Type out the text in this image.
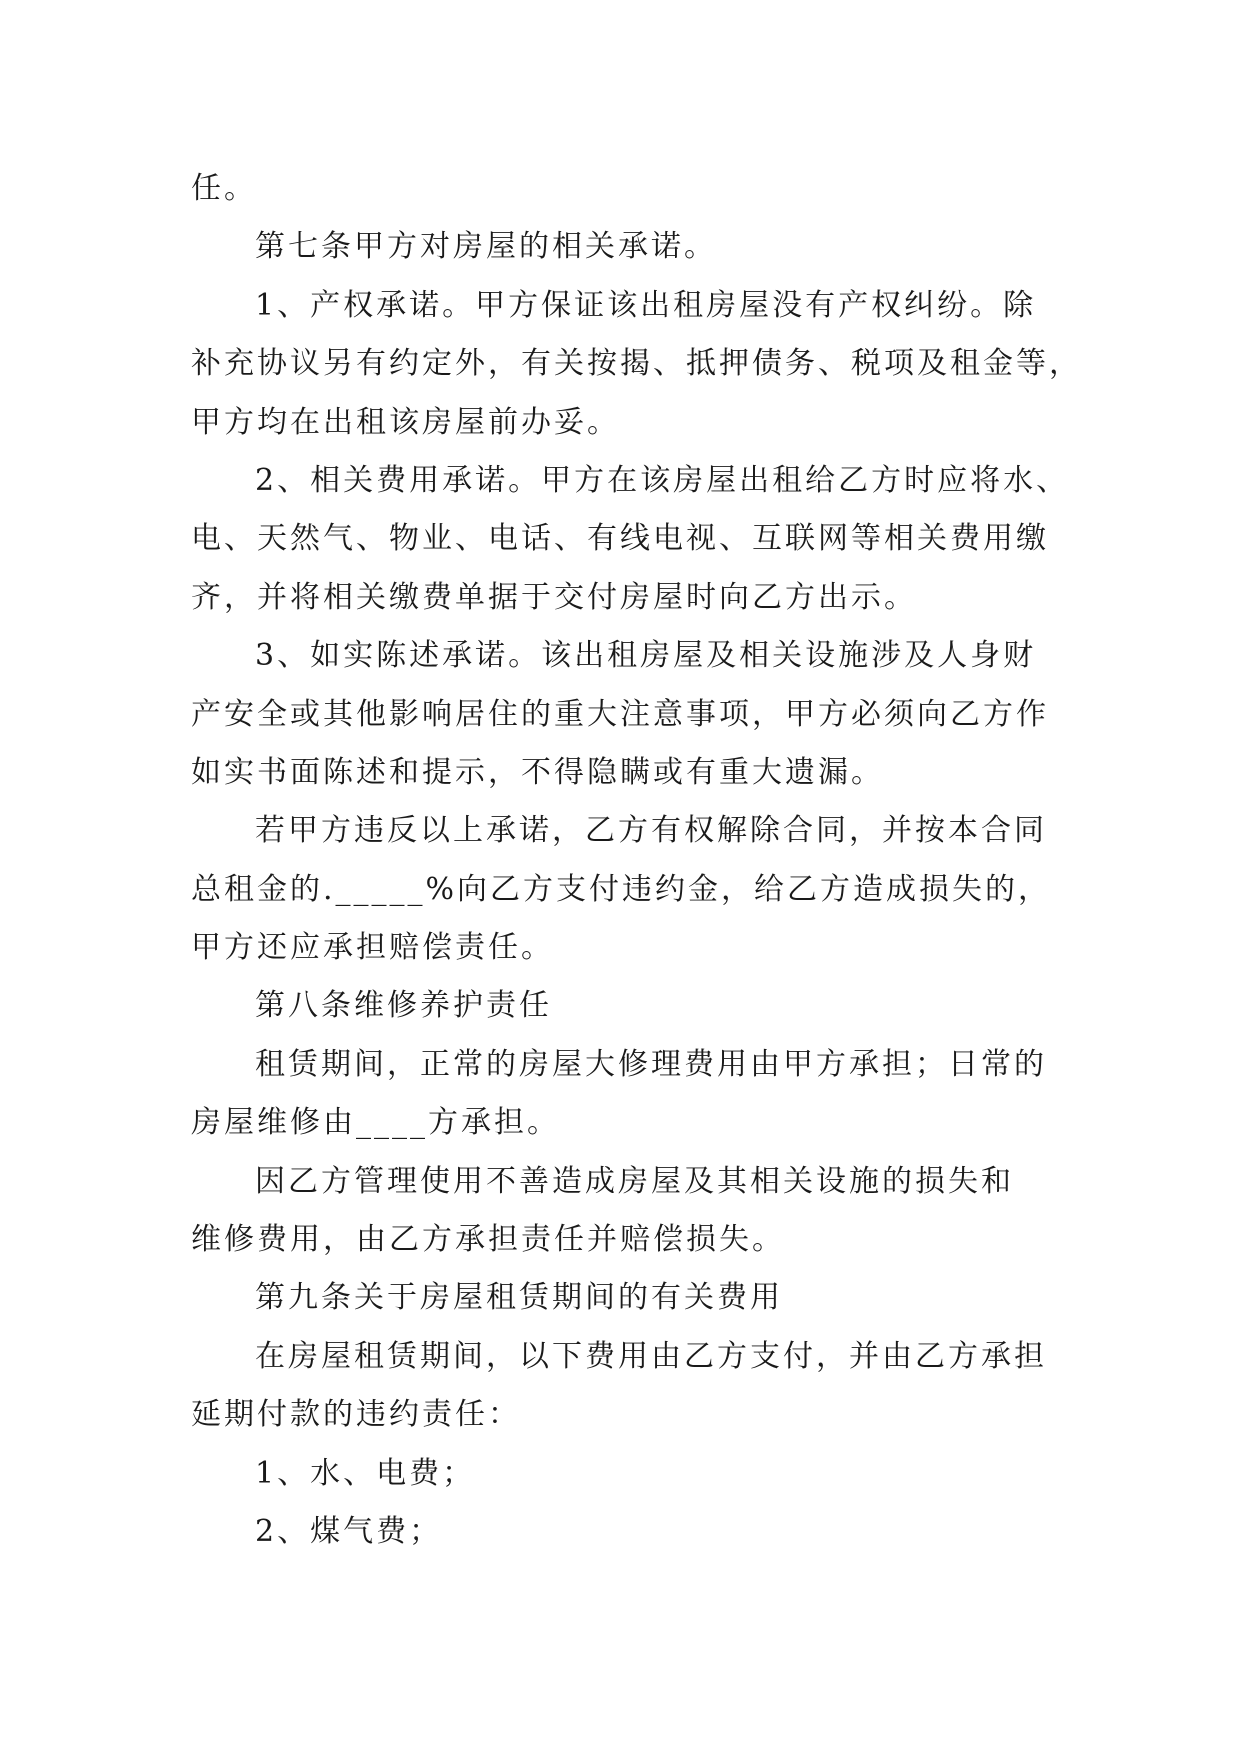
任。
第七条甲方对房屋的相关承诺。
1、产权承诺。甲方保证该出租房屋没有产权纠纷。除
补充协议另有约定外，有关按揭、抵押债务、税项及租金等，
甲方均在出租该房屋前办妥。
2、相关费用承诺。甲方在该房屋出租给乙方时应将水、
电、天然气、物业、电话、有线电视、互联网等相关费用缴
齐，并将相关缴费单据于交付房屋时向乙方出示。
3、如实陈述承诺。该出租房屋及相关设施涉及人身财
产安全或其他影响居住的重大注意事项，甲方必须向乙方作
如实书面陈述和提示，不得隐瞒或有重大遗漏。
若甲方违反以上承诺，乙方有权解除合同，并按本合同
总租金的._____%向乙方支付违约金，给乙方造成损失的，
甲方还应承担赔偿责任。
第八条维修养护责任
租赁期间，正常的房屋大修理费用由甲方承担；日常的
房屋维修由____方承担。
因乙方管理使用不善造成房屋及其相关设施的损失和
维修费用，由乙方承担责任并赔偿损失。
第九条关于房屋租赁期间的有关费用
在房屋租赁期间，以下费用由乙方支付，并由乙方承担
延期付款的违约责任：
1、水、电费；
2、煤气费；
